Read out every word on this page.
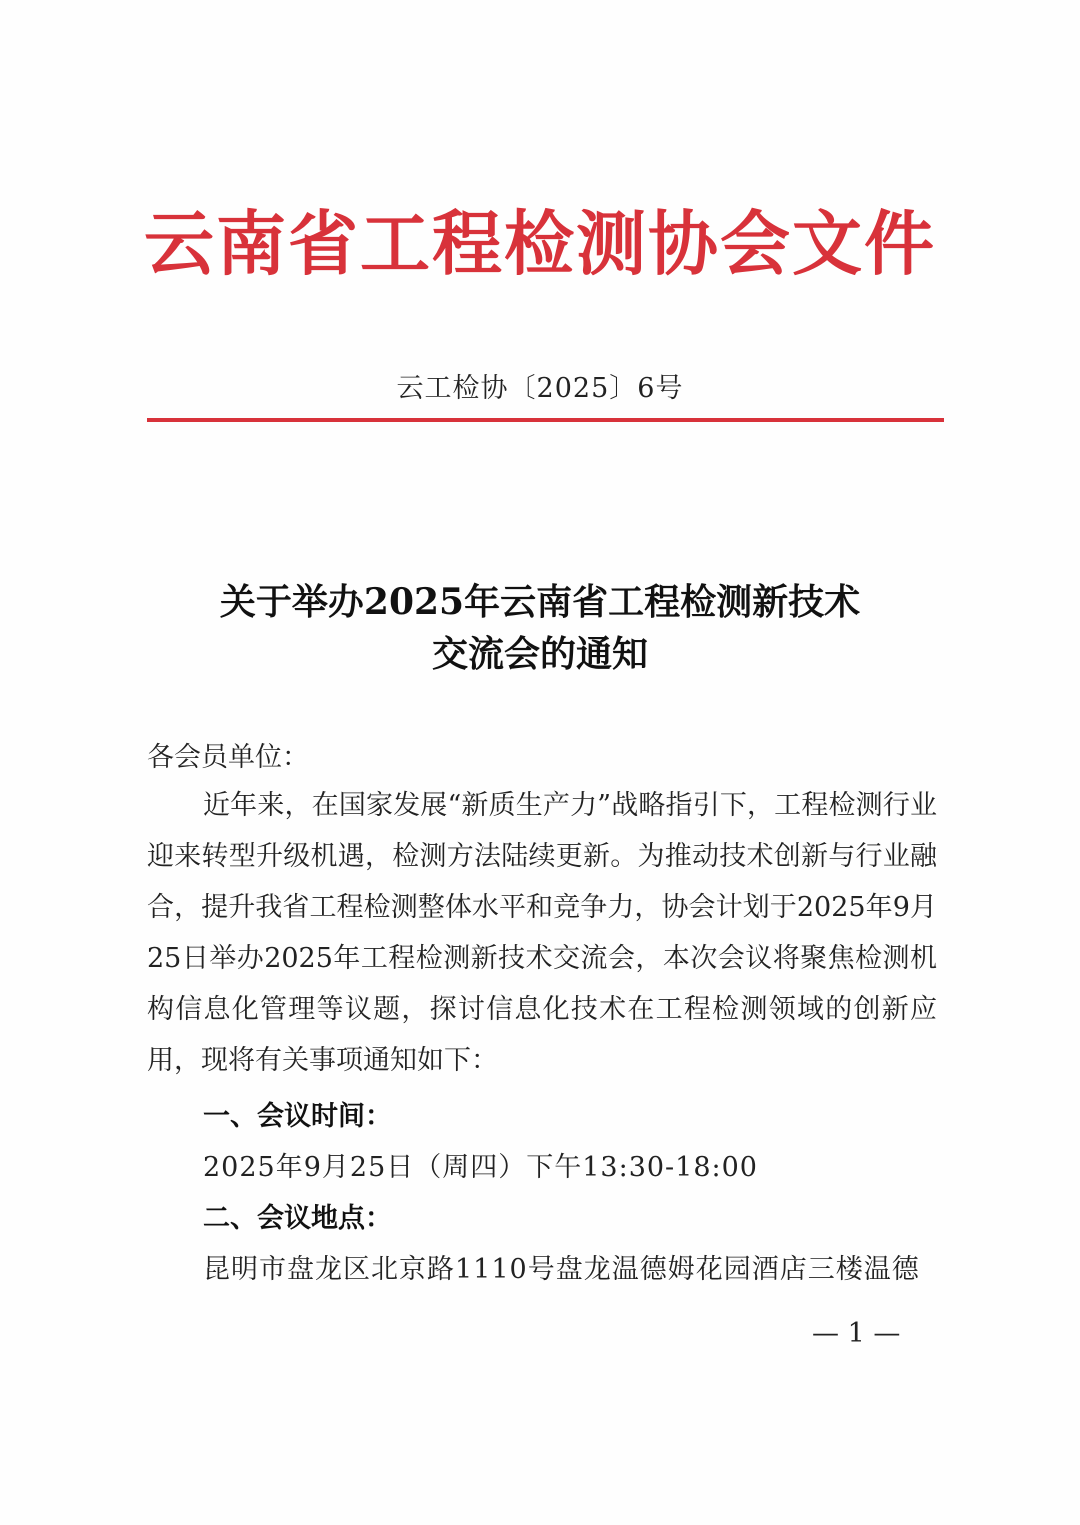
云南省工程检测协会文件
云工检协〔2025〕6号
关于举办2025年云南省工程检测新技术
交流会的通知
各会员单位：
近年来，在国家发展“新质生产力”战略指引下，工程检测行业迎来转型升级机遇，检测方法陆续更新。为推动技术创新与行业融合，提升我省工程检测整体水平和竞争力，协会计划于2025年9月25日举办2025年工程检测新技术交流会，本次会议将聚焦检测机构信息化管理等议题，探讨信息化技术在工程检测领域的创新应用，现将有关事项通知如下：
一、会议时间：
2025年9月25日（周四）下午13:30-18:00
二、会议地点：
昆明市盘龙区北京路1110号盘龙温德姆花园酒店三楼温德
— 1 —
